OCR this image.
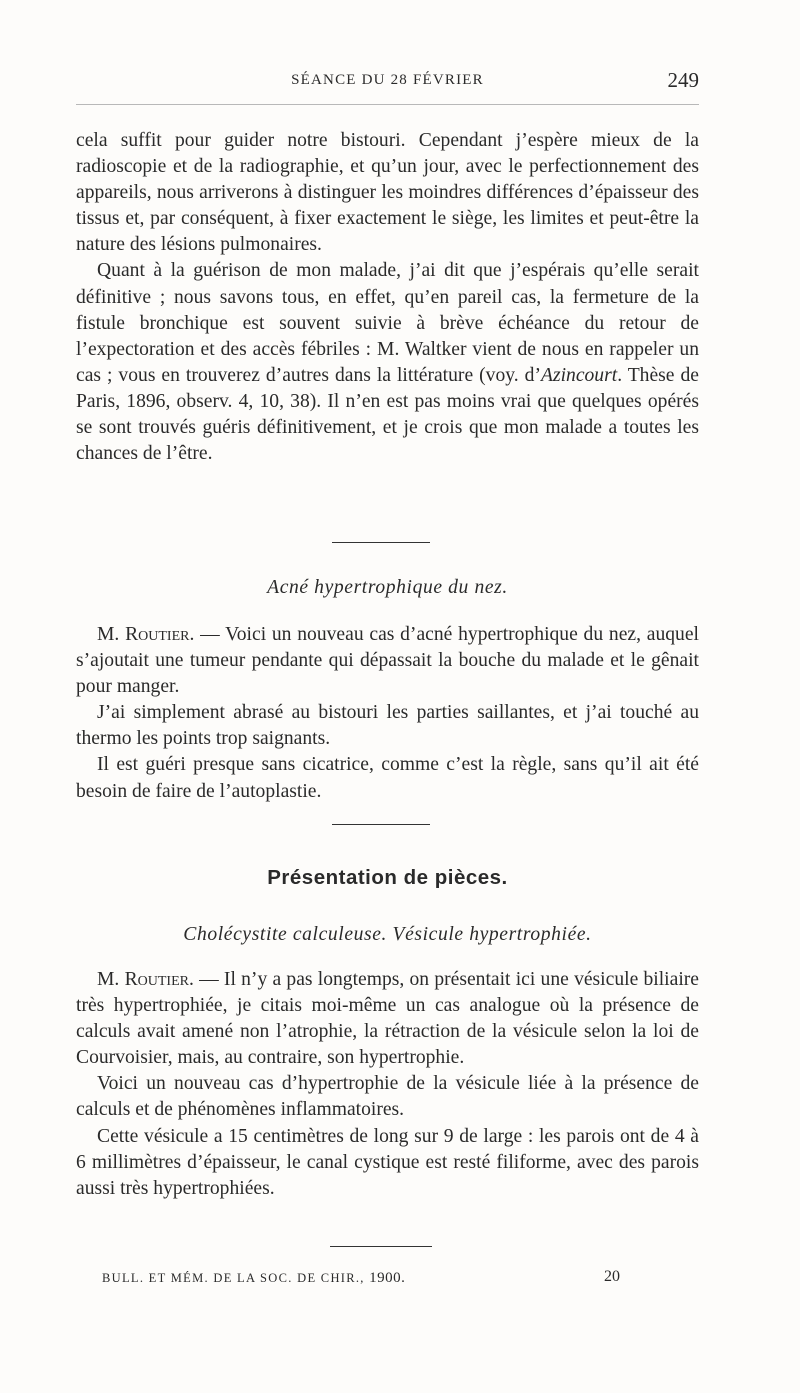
SÉANCE DU 28 FÉVRIER	249

cela suffit pour guider notre bistouri. Cependant j’espère mieux de la radioscopie et de la radiographie, et qu’un jour, avec le perfectionnement des appareils, nous arriverons à distinguer les moindres différences d’épaisseur des tissus et, par conséquent, à fixer exactement le siège, les limites et peut-être la nature des lésions pulmonaires.

Quant à la guérison de mon malade, j’ai dit que j’espérais qu’elle serait définitive ; nous savons tous, en effet, qu’en pareil cas, la fermeture de la fistule bronchique est souvent suivie à brève échéance du retour de l’expectoration et des accès fébriles : M. Waltker vient de nous en rappeler un cas ; vous en trouverez d’autres dans la littérature (voy. d’Azincourt. Thèse de Paris, 1896, observ. 4, 10, 38). Il n’en est pas moins vrai que quelques opérés se sont trouvés guéris définitivement, et je crois que mon malade a toutes les chances de l’être.

Acné hypertrophique du nez.

M. Routier. — Voici un nouveau cas d’acné hypertrophique du nez, auquel s’ajoutait une tumeur pendante qui dépassait la bouche du malade et le gênait pour manger.

J’ai simplement abrasé au bistouri les parties saillantes, et j’ai touché au thermo les points trop saignants.

Il est guéri presque sans cicatrice, comme c’est la règle, sans qu’il ait été besoin de faire de l’autoplastie.

Présentation de pièces.
Cholécystite calculeuse. Vésicule hypertrophiée.

M. Routier. — Il n’y a pas longtemps, on présentait ici une vésicule biliaire très hypertrophiée, je citais moi-même un cas analogue où la présence de calculs avait amené non l’atrophie, la rétraction de la vésicule selon la loi de Courvoisier, mais, au contraire, son hypertrophie.

Voici un nouveau cas d’hypertrophie de la vésicule liée à la présence de calculs et de phénomènes inflammatoires.

Cette vésicule a 15 centimètres de long sur 9 de large : les parois ont de 4 à 6 millimètres d’épaisseur, le canal cystique est resté filiforme, avec des parois aussi très hypertrophiées.

BULL. ET MÉM. DE LA SOC. DE CHIR., 1900.	20
